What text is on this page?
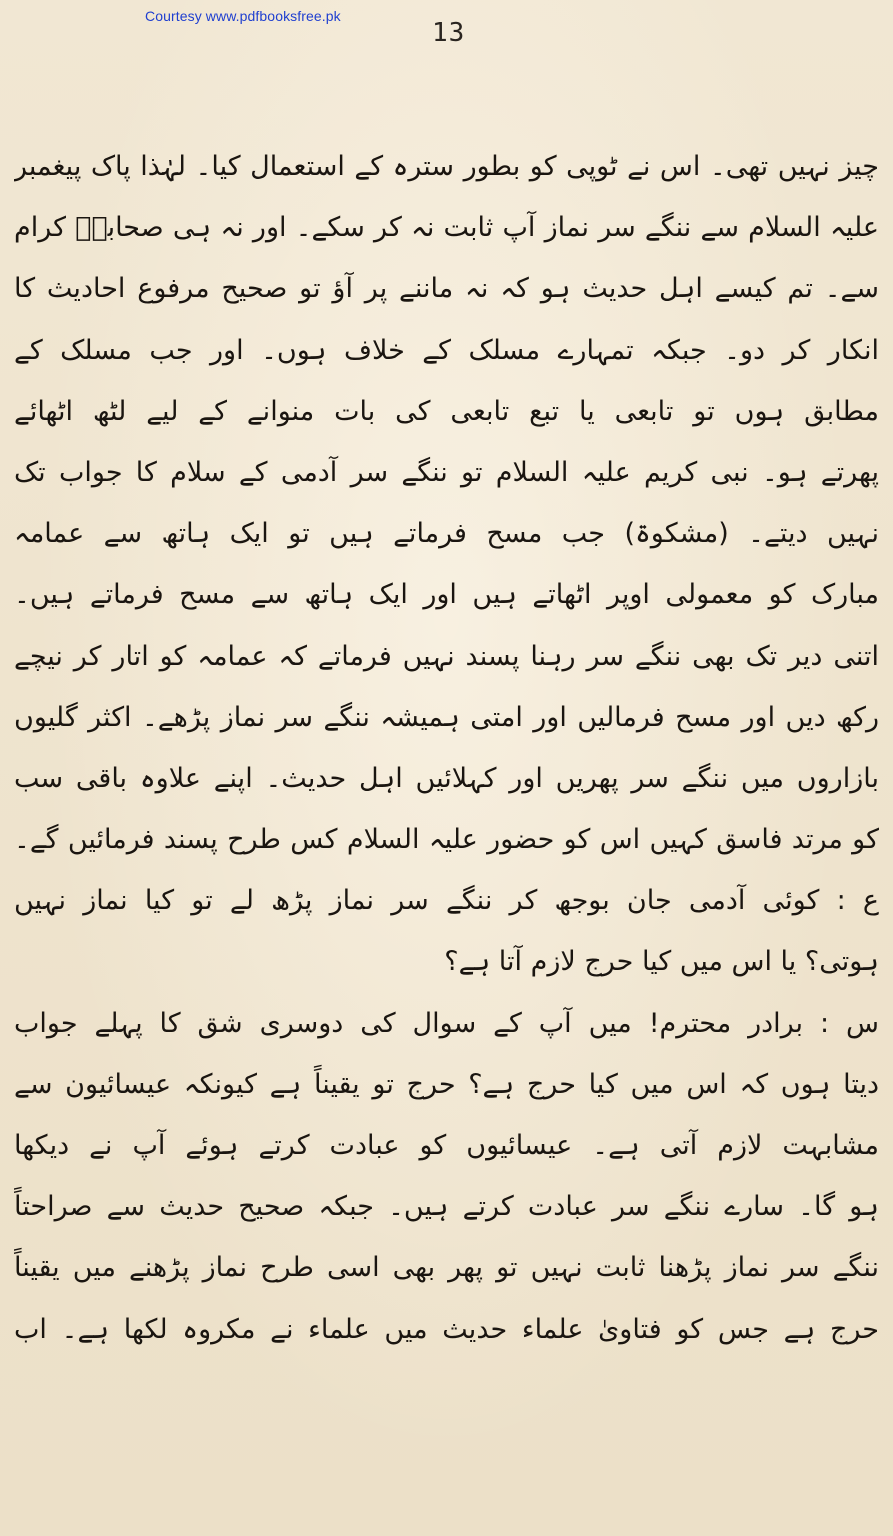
Courtesy www.pdfbooksfree.pk
13
چیز نہیں تھی۔ اس نے ٹوپی کو بطور سترہ کے استعمال کیا۔ لہٰذا پاک پیغمبر
علیہ السلام سے ننگے سر نماز آپ ثابت نہ کر سکے۔ اور نہ ہی صحابہؓ کرام
سے۔ تم کیسے اہل حدیث ہو کہ نہ ماننے پر آؤ تو صحیح مرفوع احادیث کا
انکار کر دو۔ جبکہ تمہارے مسلک کے خلاف ہوں۔ اور جب مسلک کے
مطابق ہوں تو تابعی یا تبع تابعی کی بات منوانے کے لیے لٹھ اٹھائے
پھرتے ہو۔ نبی کریم علیہ السلام تو ننگے سر آدمی کے سلام کا جواب تک
نہیں دیتے۔ (مشکوۃ) جب مسح فرماتے ہیں تو ایک ہاتھ سے عمامہ
مبارک کو معمولی اوپر اٹھاتے ہیں اور ایک ہاتھ سے مسح فرماتے ہیں۔
اتنی دیر تک بھی ننگے سر رہنا پسند نہیں فرماتے کہ عمامہ کو اتار کر نیچے
رکھ دیں اور مسح فرمالیں اور امتی ہمیشہ ننگے سر نماز پڑھے۔ اکثر گلیوں
بازاروں میں ننگے سر پھریں اور کہلائیں اہل حدیث۔ اپنے علاوہ باقی سب
کو مرتد فاسق کہیں اس کو حضور علیہ السلام کس طرح پسند فرمائیں گے۔
ع : کوئی آدمی جان بوجھ کر ننگے سر نماز پڑھ لے تو کیا نماز نہیں
ہوتی؟ یا اس میں کیا حرج لازم آتا ہے؟
س : برادر محترم! میں آپ کے سوال کی دوسری شق کا پہلے جواب
دیتا ہوں کہ اس میں کیا حرج ہے؟ حرج تو یقیناً ہے کیونکہ عیسائیون سے
مشابہت لازم آتی ہے۔ عیسائیوں کو عبادت کرتے ہوئے آپ نے دیکھا
ہو گا۔ سارے ننگے سر عبادت کرتے ہیں۔ جبکہ صحیح حدیث سے صراحتاً
ننگے سر نماز پڑھنا ثابت نہیں تو پھر بھی اسی طرح نماز پڑھنے میں یقیناً
حرج ہے جس کو فتاویٰ علماء حدیث میں علماء نے مکروہ لکھا ہے۔ اب
